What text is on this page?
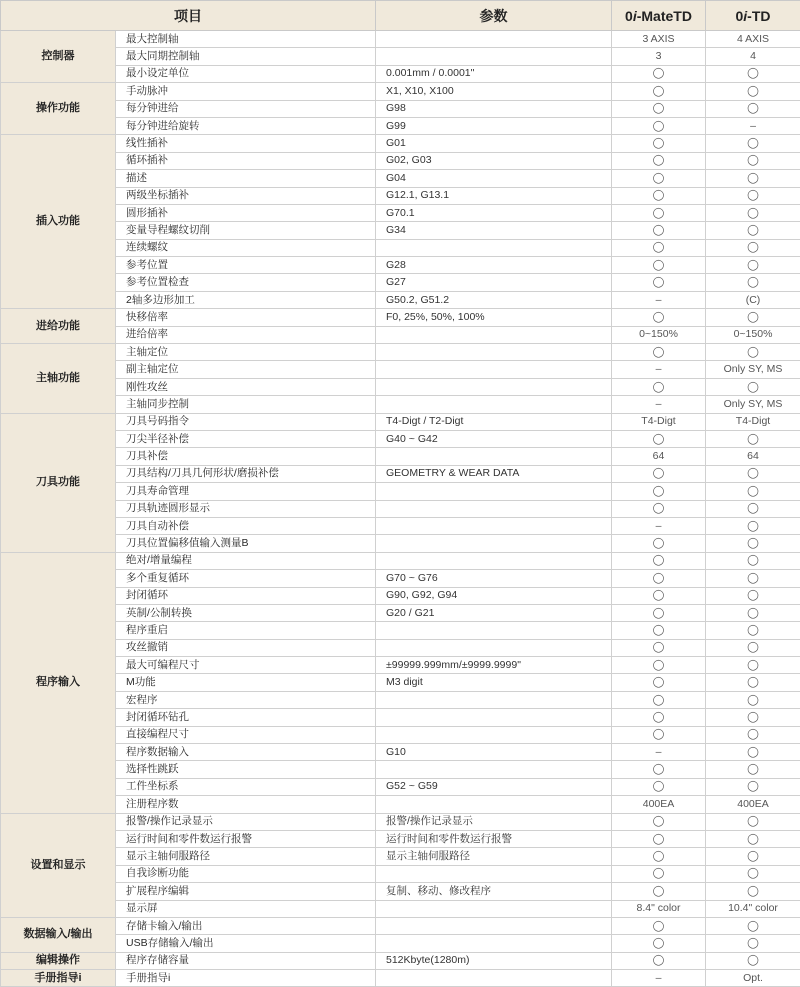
项目		参数	0i-MateTD	0i-TD
控制器	最大控制轴		3 AXIS	4 AXIS
	最大同期控制轴		3	4
	最小设定单位	0.001mm / 0.0001"	◯	◯
操作功能	手动脉冲	X1, X10, X100	◯	◯
	每分钟进给	G98	◯	◯
	每分钟进给旋转	G99	◯	–
插入功能	线性插补	G01	◯	◯
	循环插补	G02, G03	◯	◯
	描述	G04	◯	◯
	两级坐标插补	G12.1, G13.1	◯	◯
	圆形插补	G70.1	◯	◯
	变量导程螺纹切削	G34	◯	◯
	连续螺纹		◯	◯
	参考位置	G28	◯	◯
	参考位置检查	G27	◯	◯
	2轴多边形加工	G50.2, G51.2	–	(C)
进给功能	快移倍率	F0, 25%, 50%, 100%	◯	◯
	进给倍率		0~150%	0~150%
主轴功能	主轴定位		◯	◯
	副主轴定位		–	Only SY, MS
	刚性攻丝		◯	◯
	主轴同步控制		–	Only SY, MS
刀具功能	刀具号码指令	T4-Digt / T2-Digt	T4-Digt	T4-Digt
	刀尖半径补偿	G40 ~ G42	◯	◯
	刀具补偿		64	64
	刀具结构/刀具几何形状/磨损补偿	GEOMETRY & WEAR DATA	◯	◯
	刀具寿命管理		◯	◯
	刀具轨迹圆形显示		◯	◯
	刀具自动补偿		–	◯
	刀具位置偏移值输入测量B		◯	◯
程序输入	绝对/增量编程		◯	◯
	多个重复循环	G70 ~ G76	◯	◯
	封闭循环	G90, G92, G94	◯	◯
	英制/公制转换	G20 / G21	◯	◯
	程序重启		◯	◯
	攻丝撤销		◯	◯
	最大可编程尺寸	±99999.999mm/±9999.9999"	◯	◯
	M功能	M3 digit	◯	◯
	宏程序		◯	◯
	封闭循环钻孔		◯	◯
	直接编程尺寸		◯	◯
	程序数据输入	G10	–	◯
	选择性跳跃		◯	◯
	工件坐标系	G52 ~ G59	◯	◯
	注册程序数		400EA	400EA
设置和显示	报警/操作记录显示	报警/操作记录显示	◯	◯
	运行时间和零件数运行报警	运行时间和零件数运行报警	◯	◯
	显示主轴伺服路径	显示主轴伺服路径	◯	◯
	自我诊断功能		◯	◯
	扩展程序编辑	复制、移动、修改程序	◯	◯
	显示屏		8.4" color	10.4" color
数据输入/输出	存储卡输入/输出		◯	◯
	USB存储输入/输出		◯	◯
编辑操作	程序存储容量	512Kbyte(1280m)	◯	◯
手册指导i	手册指导i		–	Opt.
